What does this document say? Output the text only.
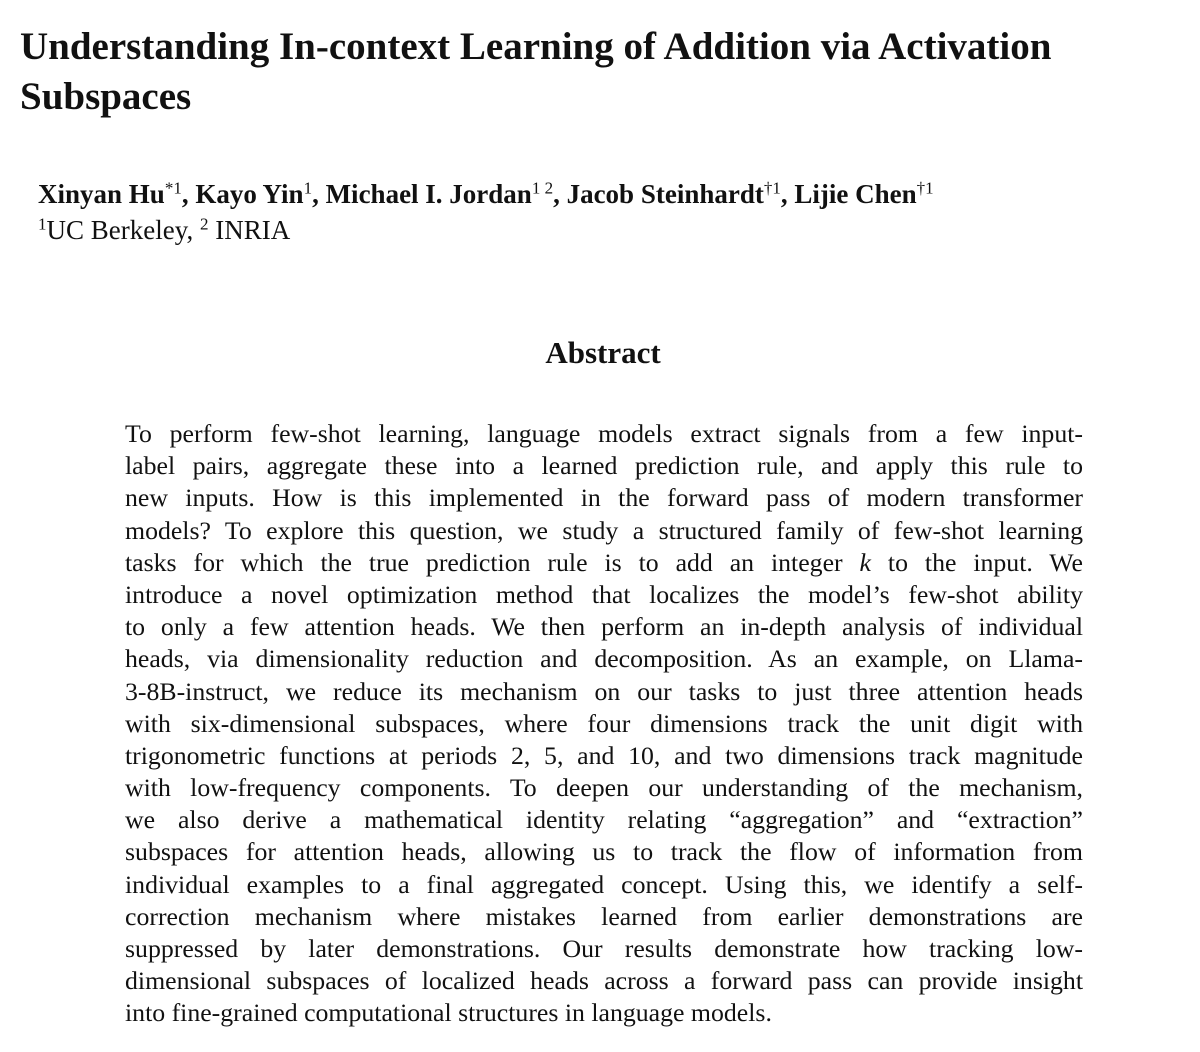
Understanding In-context Learning of Addition via Activation Subspaces
Xinyan Hu$^{*1}$, Kayo Yin$^1$, Michael I. Jordan$^{1 2}$, Jacob Steinhardt$^{\dagger 1}$, Lijie Chen$^{\dagger 1}$
$^1$UC Berkeley, $^2$ INRIA
Abstract
To perform few-shot learning, language models extract signals from a few input-
label pairs, aggregate these into a learned prediction rule, and apply this rule to
new inputs. How is this implemented in the forward pass of modern transformer
models? To explore this question, we study a structured family of few-shot learning
tasks for which the true prediction rule is to add an integer k to the input. We
introduce a novel optimization method that localizes the model’s few-shot ability
to only a few attention heads. We then perform an in-depth analysis of individual
heads, via dimensionality reduction and decomposition. As an example, on Llama-
3-8B-instruct, we reduce its mechanism on our tasks to just three attention heads
with six-dimensional subspaces, where four dimensions track the unit digit with
trigonometric functions at periods 2, 5, and 10, and two dimensions track magnitude
with low-frequency components. To deepen our understanding of the mechanism,
we also derive a mathematical identity relating “aggregation” and “extraction”
subspaces for attention heads, allowing us to track the flow of information from
individual examples to a final aggregated concept. Using this, we identify a self-
correction mechanism where mistakes learned from earlier demonstrations are
suppressed by later demonstrations. Our results demonstrate how tracking low-
dimensional subspaces of localized heads across a forward pass can provide insight
into fine-grained computational structures in language models.
